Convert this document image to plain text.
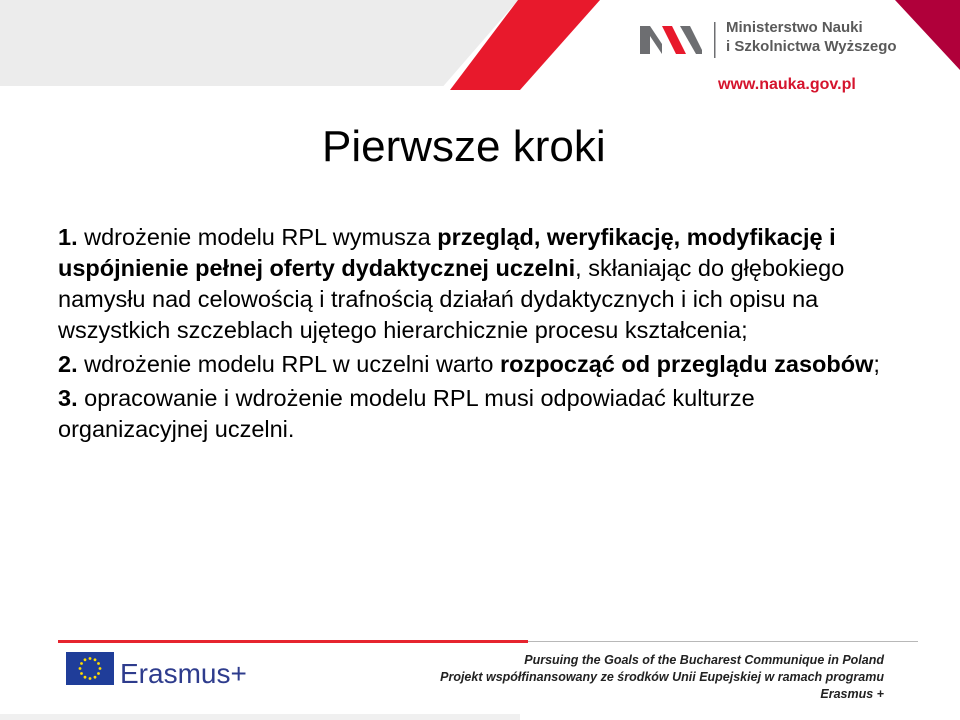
Ministerstwo Nauki
i Szkolnictwa Wyższego
www.nauka.gov.pl
Pierwsze kroki

1. wdrożenie modelu RPL wymusza przegląd, weryfikację, modyfikację i uspójnienie pełnej oferty dydaktycznej uczelni, skłaniając do głębokiego namysłu nad celowością i trafnością działań dydaktycznych i ich opisu na wszystkich szczeblach ujętego hierarchicznie procesu kształcenia;

2. wdrożenie modelu RPL w uczelni warto rozpocząć od przeglądu zasobów;

3. opracowanie i wdrożenie modelu RPL musi odpowiadać kulturze organizacyjnej uczelni.

Erasmus+	Pursuing the Goals of the Bucharest Communique in Poland
Projekt współfinansowany ze środków Unii Eupejskiej w ramach programu Erasmus +
